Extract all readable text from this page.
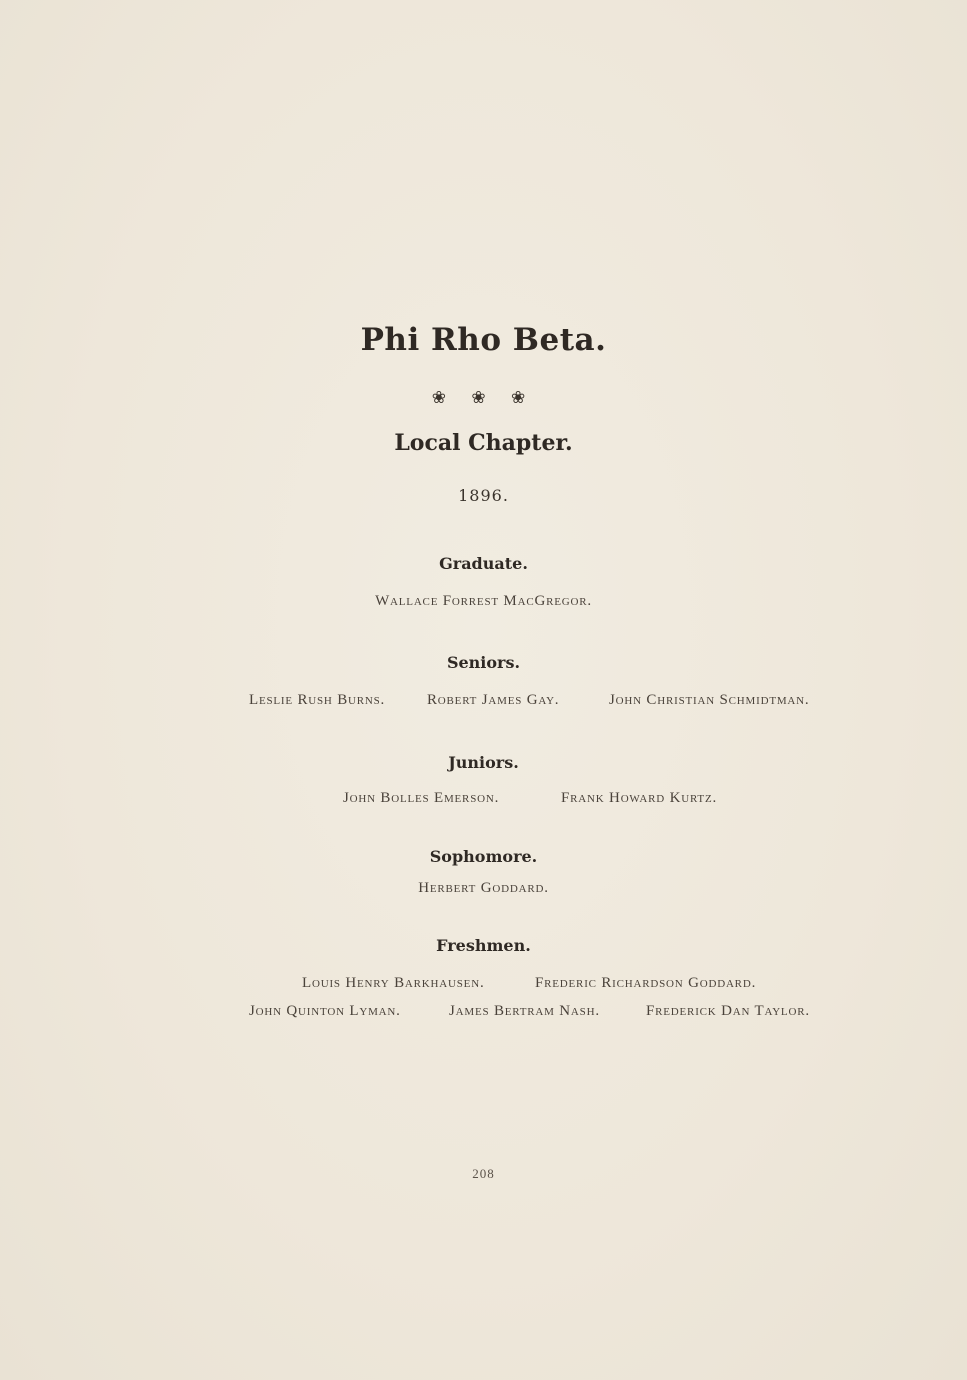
Phi Rho Beta.
❀ ❀ ❀
Local Chapter.
1896.
Graduate.
Wallace Forrest MacGregor.
Seniors.
Leslie Rush Burns.	Robert James Gay.	John Christian Schmidtman.
Juniors.
John Bolles Emerson.	Frank Howard Kurtz.
Sophomore.
Herbert Goddard.
Freshmen.
Louis Henry Barkhausen.	Frederic Richardson Goddard.
John Quinton Lyman.	James Bertram Nash.	Frederick Dan Taylor.
208
